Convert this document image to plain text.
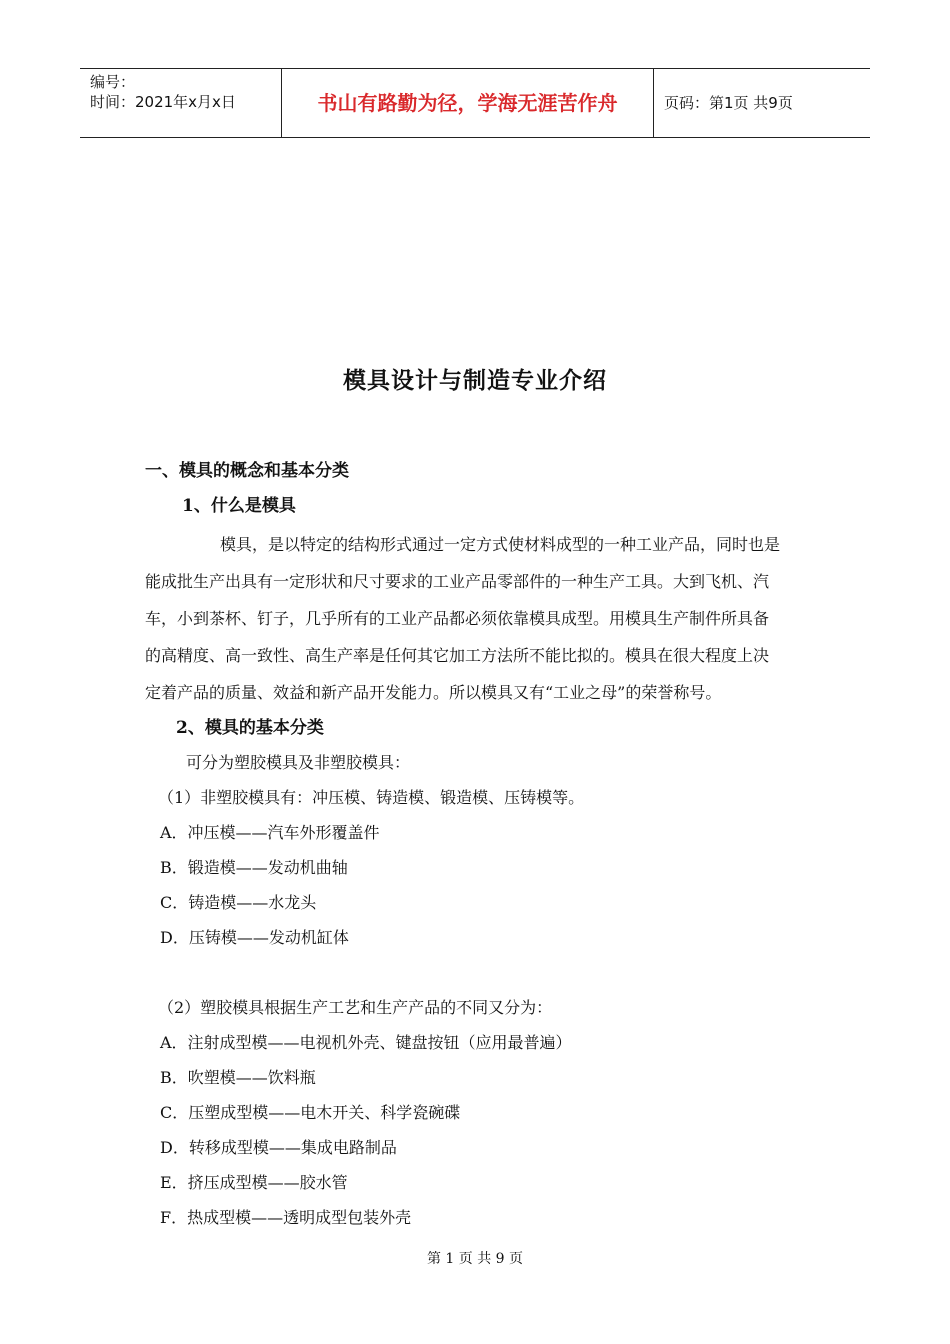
编号：
时间：2021年x月x日	书山有路勤为径，学海无涯苦作舟	页码：第1页 共9页
模具设计与制造专业介绍
一、模具的概念和基本分类
1、什么是模具
模具，是以特定的结构形式通过一定方式使材料成型的一种工业产品，同时也是
能成批生产出具有一定形状和尺寸要求的工业产品零部件的一种生产工具。大到飞机、汽
车，小到茶杯、钉子，几乎所有的工业产品都必须依靠模具成型。用模具生产制件所具备
的高精度、高一致性、高生产率是任何其它加工方法所不能比拟的。模具在很大程度上决
定着产品的质量、效益和新产品开发能力。所以模具又有“工业之母”的荣誉称号。
2、模具的基本分类
可分为塑胶模具及非塑胶模具：
（1）非塑胶模具有：冲压模、铸造模、锻造模、压铸模等。
A．冲压模——汽车外形覆盖件
B．锻造模——发动机曲轴
C．铸造模——水龙头
D．压铸模——发动机缸体
（2）塑胶模具根据生产工艺和生产产品的不同又分为：
A．注射成型模——电视机外壳、键盘按钮（应用最普遍）
B．吹塑模——饮料瓶
C．压塑成型模——电木开关、科学瓷碗碟
D．转移成型模——集成电路制品
E．挤压成型模——胶水管
F．热成型模——透明成型包装外壳
第 1 页 共 9 页
